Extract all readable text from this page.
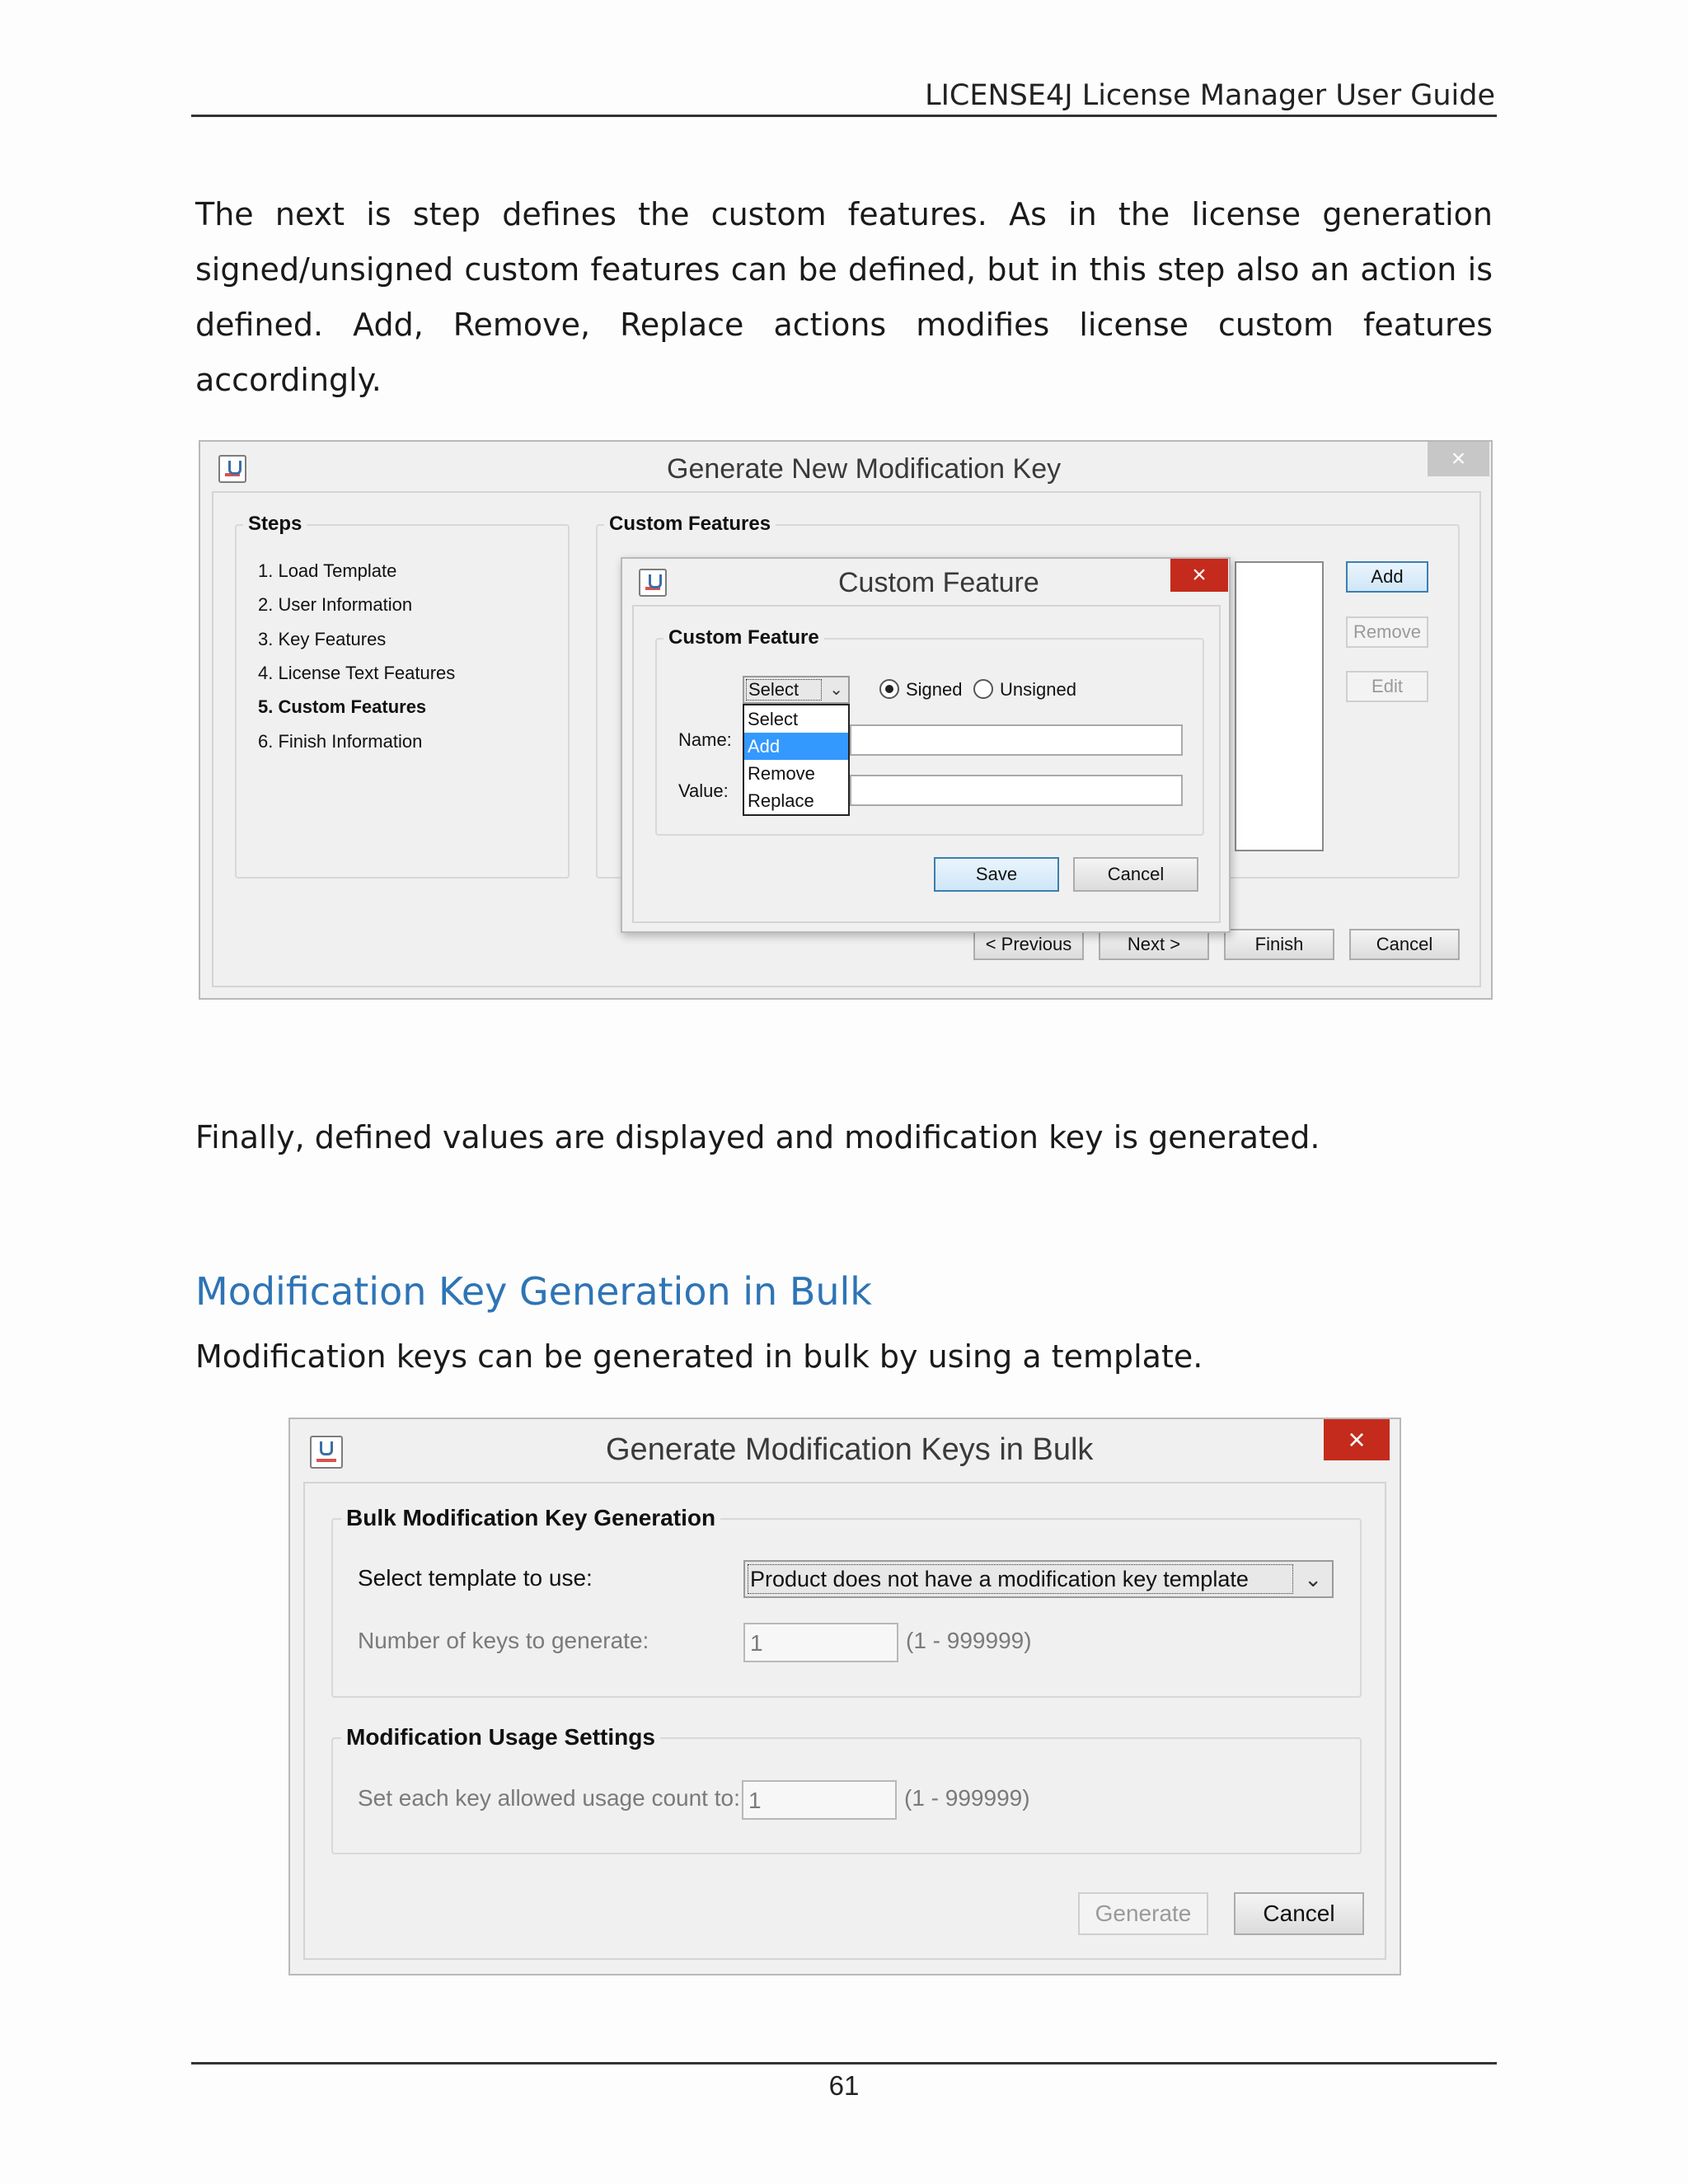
LICENSE4J License Manager User Guide
The next is step defines the custom features. As in the license generation
signed/unsigned custom features can be defined, but in this step also an action is
defined. Add, Remove, Replace actions modifies license custom features
accordingly.
Generate New Modification Key	×
Steps
1. Load Template
2. User Information
3. Key Features
4. License Text Features
5. Custom Features
6. Finish Information
Custom Features
Add
Remove
Edit
< Previous	Next >	Finish	Cancel
Custom Feature	×
Custom Feature
Select	⌄
Select
Add
Remove
Replace
Signed Unsigned
Name:
Value:
Save	Cancel
Finally, defined values are displayed and modification key is generated.
Modification Key Generation in Bulk
Modification keys can be generated in bulk by using a template.
Generate Modification Keys in Bulk	×
Bulk Modification Key Generation
Select template to use:	Product does not have a modification key template	⌄
Number of keys to generate:	1	(1 - 999999)
Modification Usage Settings
Set each key allowed usage count to: 1	(1 - 999999)
Generate	Cancel
61
